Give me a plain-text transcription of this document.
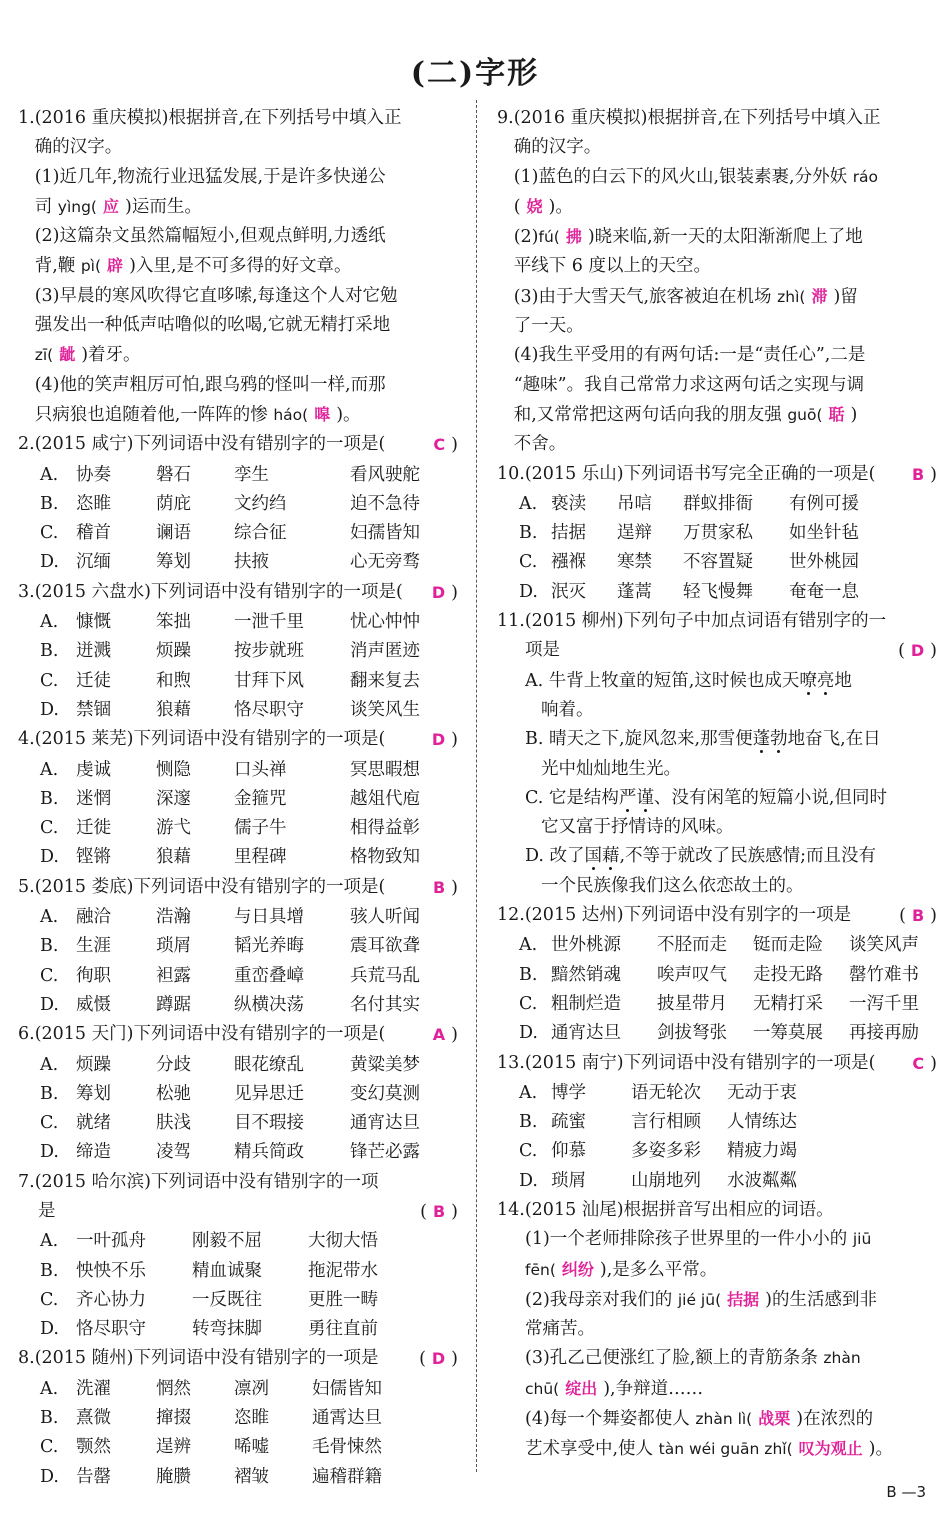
(二)字形
1. (2016 重庆模拟)根据拼音,在下列括号中填入正
确的汉字。
(1)近几年,物流行业迅猛发展,于是许多快递公
司 yìng( 应 )运而生。
(2)这篇杂文虽然篇幅短小,但观点鲜明,力透纸
背,鞭 pì( 辟 )入里,是不可多得的好文章。
(3)早晨的寒风吹得它直哆嗦,每逢这个人对它勉
强发出一种低声咕噜似的吆喝,它就无精打采地
zī( 龇 )着牙。
(4)他的笑声粗厉可怕,跟乌鸦的怪叫一样,而那
只病狼也追随着他,一阵阵的惨 háo( 嗥 )。
2.(2015 咸宁)下列词语中没有错别字的一项是(	C )
A.	协奏	磐石	孪生	看风驶舵
B.	恣睢	荫庇	文约绉	迫不急待
C.	稽首	谰语	综合征	妇孺皆知
D. 沉缅	筹划	扶掖	心无旁骛
3.(2015 六盘水)下列词语中没有错别字的一项是(	D )
A.	慷慨	笨拙	一泄千里	忧心忡忡
B.	迸溅	烦躁	按步就班	消声匿迹
C.	迁徒	和煦	甘拜下风	翻来复去
D. 禁锢	狼藉	恪尽职守	谈笑风生
4.(2015 莱芜)下列词语中没有错别字的一项是(	D )
A.	虔诚	恻隐	口头禅	冥思暇想
B.	迷惘	深邃	金箍咒	越俎代庖
C.	迁徙	游弋	儒子牛	相得益彰
D. 铿锵	狼藉	里程碑	格物致知
5.(2015 娄底)下列词语中没有错别字的一项是(	B )
A.	融洽	浩瀚	与日具增	骇人听闻
B.	生涯	琐屑	韬光养晦	震耳欲聋
C.	徇职	袒露	重峦叠嶂	兵荒马乱
D. 威慑	蹲踞	纵横决荡	名付其实
6.(2015 天门)下列词语中没有错别字的一项是(	A )
A.	烦躁	分歧	眼花缭乱	黄粱美梦
B.	筹划	松驰	见异思迁	变幻莫测
C.	就绪	肤浅	目不瑕接	通宵达旦
D. 缔造	凌驾	精兵简政	锋芒必露
7.(2015 哈尔滨)下列词语中没有错别字的一项
是	( B )
A.	一叶孤舟	刚毅不屈	大彻大悟
B.	怏怏不乐	精血诚聚	拖泥带水
C.	齐心协力	一反既往	更胜一畴
D. 恪尽职守	转弯抹脚	勇往直前
8.(2015 随州)下列词语中没有错别字的一项是 ( D )
A.	洗濯	惘然	凛冽	妇儒皆知
B.	熹微	撺掇	恣睢	通霄达旦
C.	颚然	逞辨	唏嘘	毛骨悚然
D. 告罄	腌臜	褶皱	遍稽群籍
9. (2016 重庆模拟)根据拼音,在下列括号中填入正
确的汉字。
(1)蓝色的白云下的风火山,银装素裹,分外妖 ráo
( 娆 )。
(2)fú( 拂 )晓来临,新一天的太阳渐渐爬上了地
平线下 6 度以上的天空。
(3)由于大雪天气,旅客被迫在机场 zhì( 滞 )留
了一天。
(4)我生平受用的有两句话:一是“责任心”,二是
“趣味”。我自己常常力求这两句话之实现与调
和,又常常把这两句话向我的朋友强 guō( 聒 )
不舍。
10.(2015 乐山)下列词语书写完全正确的一项是(	B )
A. 亵渎	吊唁	群蚁排衙	有例可援
B. 拮据	逞辩	万贯家私	如坐针毡
C. 襁褓	寒禁	不容置疑	世外桃园
D. 泯灭	蓬蒿	轻飞慢舞	奄奄一息
11.(2015 柳州)下列句子中加点词语有错别字的一
项是	( D )
A. 牛背上牧童的短笛,这时候也成天嘹亮地
响着。
B. 晴天之下,旋风忽来,那雪便蓬勃地奋飞,在日
光中灿灿地生光。
C. 它是结构严谨、没有闲笔的短篇小说,但同时
它又富于抒情诗的风味。
D. 改了国藉,不等于就改了民族感情;而且没有
一个民族像我们这么依恋故土的。
12.(2015 达州)下列词语中没有别字的一项是	( B )
A. 世外桃源	不胫而走	铤而走险	谈笑风声
B. 黯然销魂	唉声叹气	走投无路	罄竹难书
C. 粗制烂造	披星带月	无精打采	一泻千里
D. 通宵达旦	剑拔弩张	一筹莫展	再接再励
13.(2015 南宁)下列词语中没有错别字的一项是(	C )
A. 博学	语无轮次	无动于衷
B. 疏蜜	言行相顾	人情练达
C. 仰慕	多姿多彩	精疲力竭
D. 琐屑	山崩地列	水波粼粼
14.(2015 汕尾)根据拼音写出相应的词语。
(1)一个老师排除孩子世界里的一件小小的 jiū
fēn( 纠纷 ),是多么平常。
(2)我母亲对我们的 jié jū( 拮据 )的生活感到非
常痛苦。
(3)孔乙己便涨红了脸,额上的青筋条条 zhàn
chū( 绽出 ),争辩道……
(4)每一个舞姿都使人 zhàn lì( 战栗 )在浓烈的
艺术享受中,使人 tàn wéi guān zhǐ( 叹为观止 )。
B —3
